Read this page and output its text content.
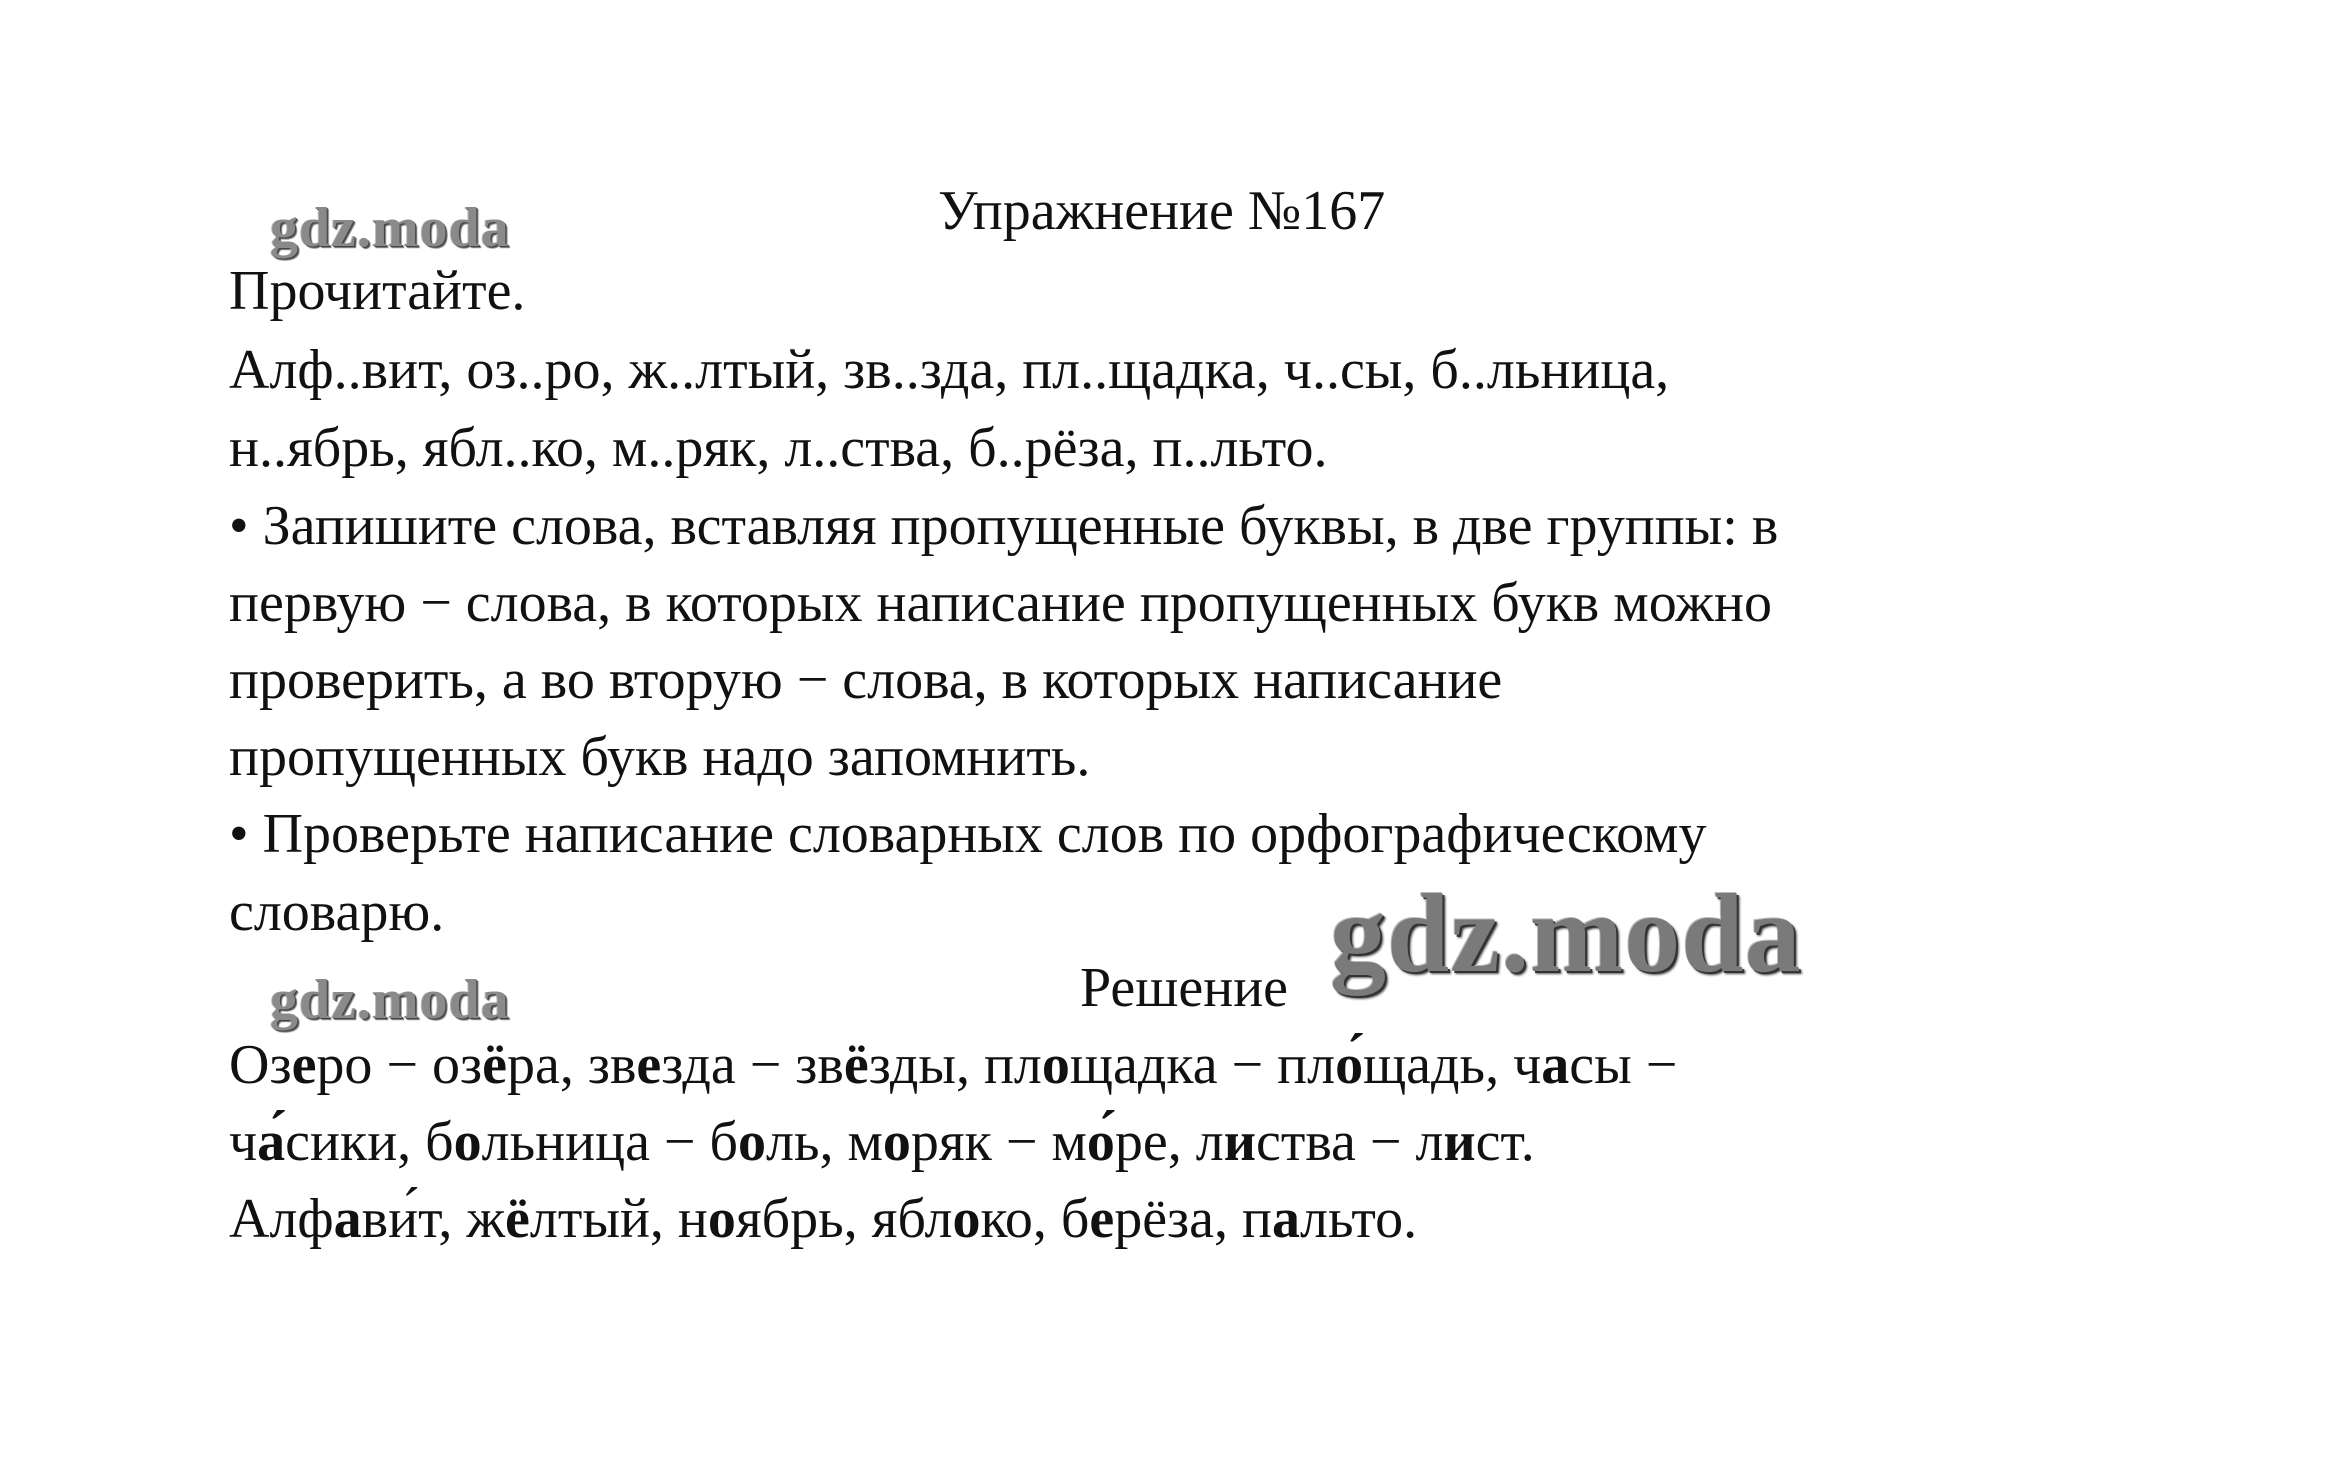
gdz.moda
gdz.moda
gdz.moda
Упражнение №167

Прочитайте.

Алф..вит, оз..ро, ж..лтый, зв..зда, пл..щадка, ч..сы, б..льница,

н..ябрь, ябл..ко, м..ряк, л..ства, б..рёза, п..льто.

• Запишите слова, вставляя пропущенные буквы, в две группы: в

первую − слова, в которых написание пропущенных букв можно

проверить, а во вторую − слова, в которых написание

пропущенных букв надо запомнить.

• Проверьте написание словарных слов по орфографическому

словарю.

Решение

Озеро − озёра, звезда − звёзды, площадка − пло́щадь, часы −

ча́сики, больница − боль, моряк − мо́ре, листва − лист.

Алфави́т, жёлтый, ноябрь, яблоко, берёза, пальто.
